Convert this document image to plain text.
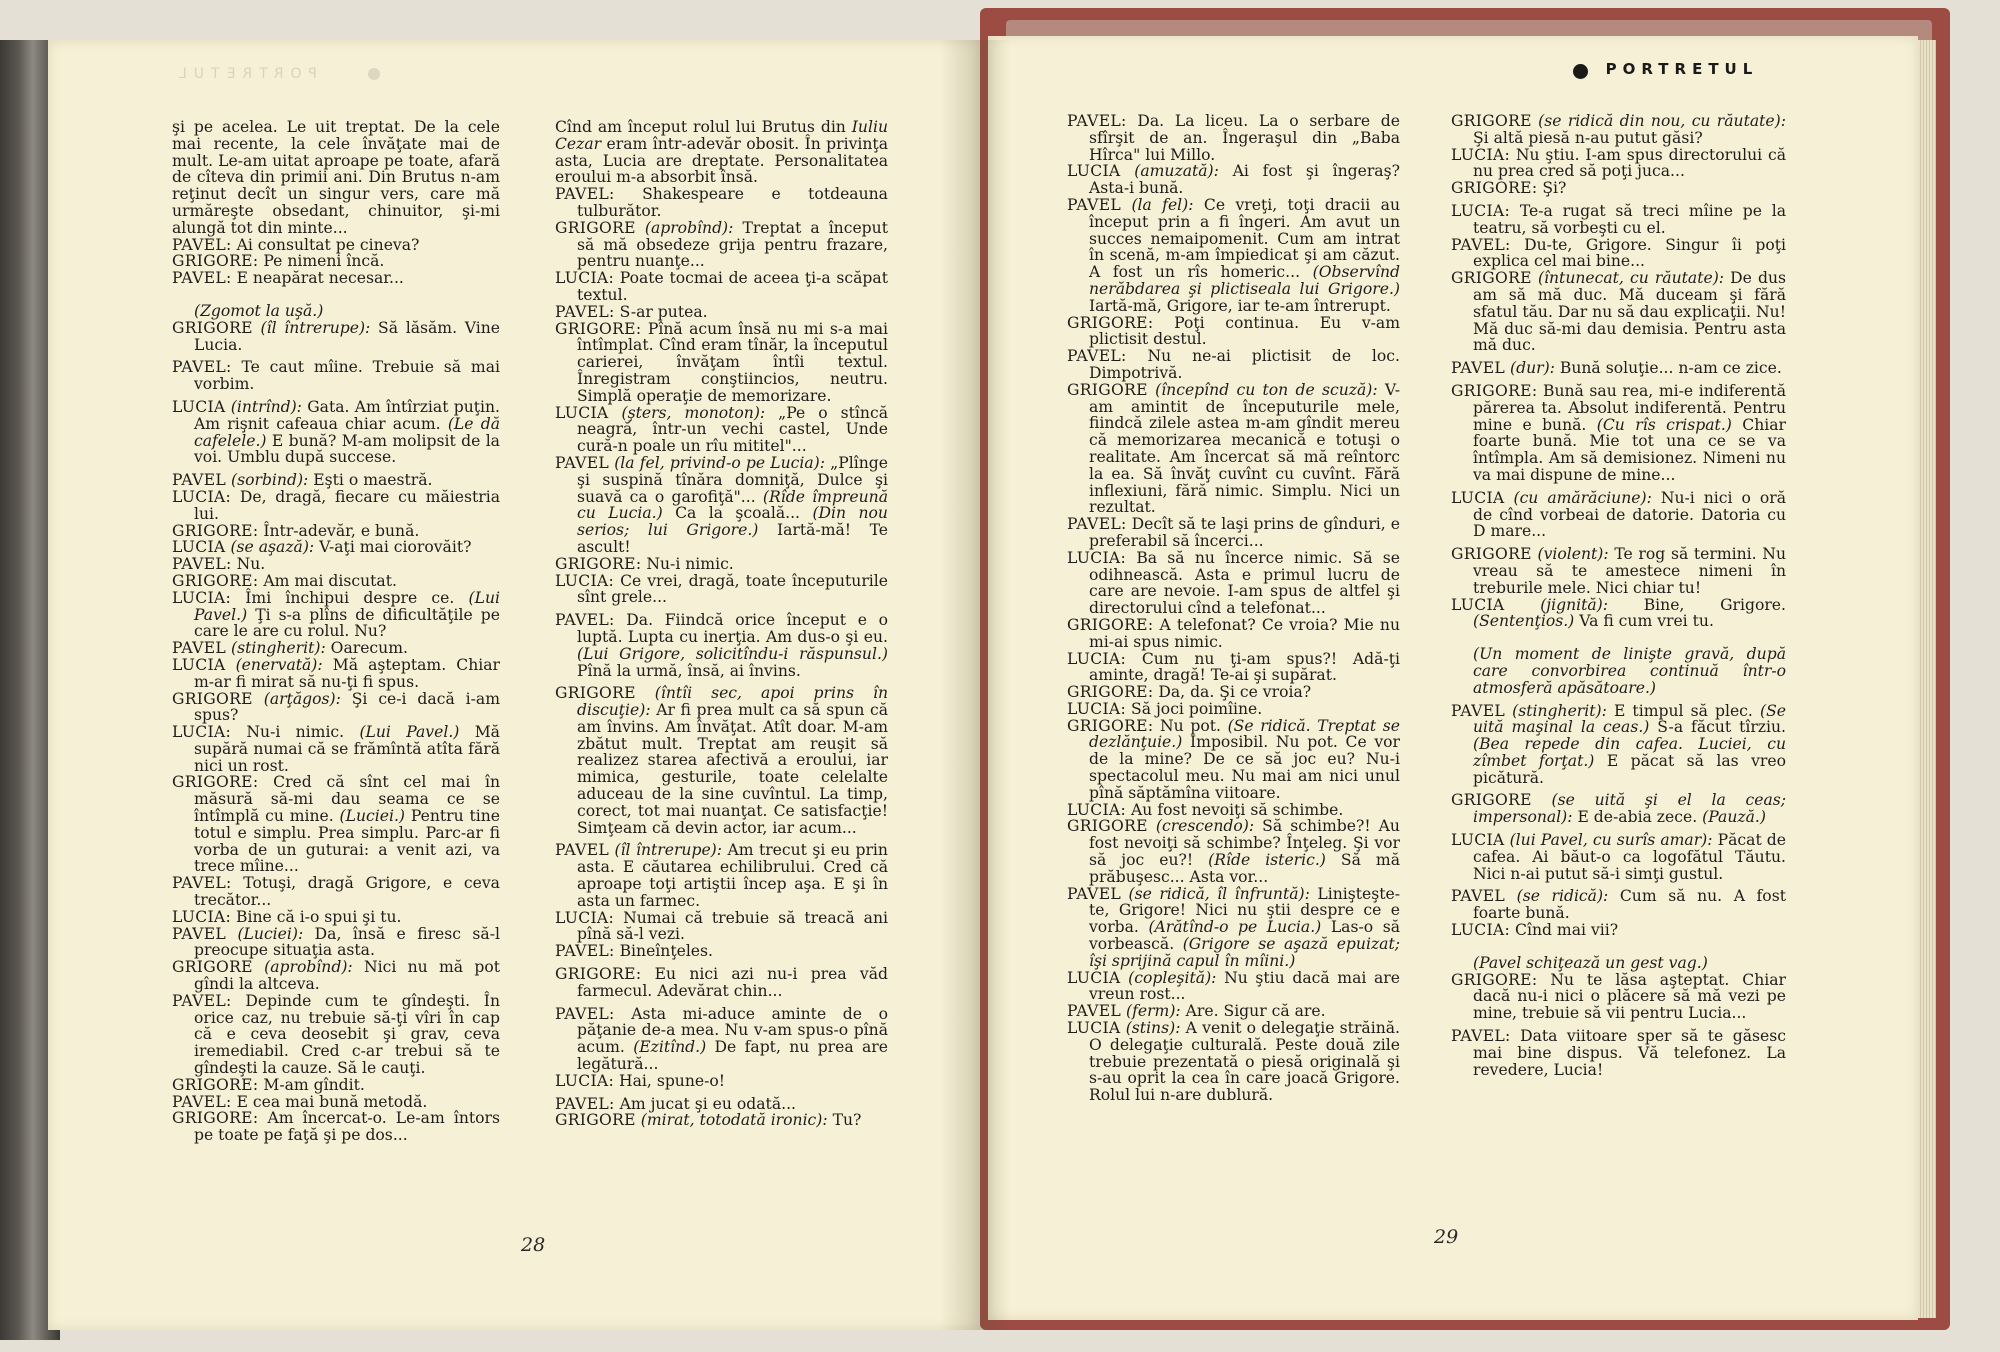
PORTRETUL	PORTRETUL

şi pe acelea. Le uit treptat. De la cele mai recente, la cele învăţate mai de mult. Le-am uitat aproape pe toate, afară de cîteva din primii ani. Din Brutus n-am reţinut decît un singur vers, care mă urmăreşte obsedant, chinuitor, şi-mi alungă tot din minte...

PAVEL: Ai consultat pe cineva?

GRIGORE: Pe nimeni încă.

PAVEL: E neapărat necesar...

(Zgomot la uşă.)

GRIGORE (îl întrerupe): Să lăsăm. Vine Lucia.

PAVEL: Te caut mîine. Trebuie să mai vorbim.

LUCIA (intrînd): Gata. Am întîrziat puţin. Am rişnit cafeaua chiar acum. (Le dă cafelele.) E bună? M-am molipsit de la voi. Umblu după succese.

PAVEL (sorbind): Eşti o maestră.

LUCIA: De, dragă, fiecare cu măiestria lui.

GRIGORE: Într-adevăr, e bună.

LUCIA (se aşază): V-aţi mai ciorovăit?

PAVEL: Nu.

GRIGORE: Am mai discutat.

LUCIA: Îmi închipui despre ce. (Lui Pavel.) Ţi s-a plîns de dificultăţile pe care le are cu rolul. Nu?

PAVEL (stingherit): Oarecum.

LUCIA (enervată): Mă aşteptam. Chiar m-ar fi mirat să nu-ţi fi spus.

GRIGORE (arţăgos): Şi ce-i dacă i-am spus?

LUCIA: Nu-i nimic. (Lui Pavel.) Mă supără numai că se frămîntă atîta fără nici un rost.

GRIGORE: Cred că sînt cel mai în măsură să-mi dau seama ce se întîmplă cu mine. (Luciei.) Pentru tine totul e simplu. Prea simplu. Parc-ar fi vorba de un guturai: a venit azi, va trece mîine...

PAVEL: Totuşi, dragă Grigore, e ceva trecător...

LUCIA: Bine că i-o spui şi tu.

PAVEL (Luciei): Da, însă e firesc să-l preocupe situaţia asta.

GRIGORE (aprobînd): Nici nu mă pot gîndi la altceva.

PAVEL: Depinde cum te gîndeşti. În orice caz, nu trebuie să-ţi vîri în cap că e ceva deosebit şi grav, ceva iremediabil. Cred c-ar trebui să te gîndeşti la cauze. Să le cauţi.

GRIGORE: M-am gîndit.

PAVEL: E cea mai bună metodă.

GRIGORE: Am încercat-o. Le-am întors pe toate pe faţă şi pe dos...

Cînd am început rolul lui Brutus din Iuliu Cezar eram într-adevăr obosit. În privinţa asta, Lucia are dreptate. Personalitatea eroului m-a absorbit însă.

PAVEL: Shakespeare e totdeauna tulburător.

GRIGORE (aprobînd): Treptat a început să mă obsedeze grija pentru frazare, pentru nuanţe...

LUCIA: Poate tocmai de aceea ţi-a scăpat textul.

PAVEL: S-ar putea.

GRIGORE: Pînă acum însă nu mi s-a mai întîmplat. Cînd eram tînăr, la începutul carierei, învăţam întîi textul. Înregistram conştiincios, neutru. Simplă operaţie de memorizare.

LUCIA (şters, monoton): „Pe o stîncă neagră, într-un vechi castel, Unde cură-n poale un rîu mititel"...

PAVEL (la fel, privind-o pe Lucia): „Plînge şi suspină tînăra domniţă, Dulce şi suavă ca o garofiţă"... (Rîde împreună cu Lucia.) Ca la şcoală... (Din nou serios; lui Grigore.) Iartă-mă! Te ascult!

GRIGORE: Nu-i nimic.

LUCIA: Ce vrei, dragă, toate începuturile sînt grele...

PAVEL: Da. Fiindcă orice început e o luptă. Lupta cu inerţia. Am dus-o şi eu. (Lui Grigore, solicitîndu-i răspunsul.) Pînă la urmă, însă, ai învins.

GRIGORE (întîi sec, apoi prins în discuţie): Ar fi prea mult ca să spun că am învins. Am învăţat. Atît doar. M-am zbătut mult. Treptat am reuşit să realizez starea afectivă a eroului, iar mimica, gesturile, toate celelalte aduceau de la sine cuvîntul. La timp, corect, tot mai nuanţat. Ce satisfacţie! Simţeam că devin actor, iar acum...

PAVEL (îl întrerupe): Am trecut şi eu prin asta. E căutarea echilibrului. Cred că aproape toţi artiştii încep aşa. E şi în asta un farmec.

LUCIA: Numai că trebuie să treacă ani pînă să-l vezi.

PAVEL: Bineînţeles.

GRIGORE: Eu nici azi nu-i prea văd farmecul. Adevărat chin...

PAVEL: Asta mi-aduce aminte de o păţanie de-a mea. Nu v-am spus-o pînă acum. (Ezitînd.) De fapt, nu prea are legătură...

LUCIA: Hai, spune-o!

PAVEL: Am jucat şi eu odată...

GRIGORE (mirat, totodată ironic): Tu?

PAVEL: Da. La liceu. La o serbare de sfîrşit de an. Îngeraşul din „Baba Hîrca" lui Millo.

LUCIA (amuzată): Ai fost şi îngeraş? Asta-i bună.

PAVEL (la fel): Ce vreţi, toţi dracii au început prin a fi îngeri. Am avut un succes nemaipomenit. Cum am intrat în scenă, m-am împiedicat şi am căzut. A fost un rîs homeric... (Observînd nerăbdarea şi plictiseala lui Grigore.) Iartă-mă, Grigore, iar te-am întrerupt.

GRIGORE: Poţi continua. Eu v-am plictisit destul.

PAVEL: Nu ne-ai plictisit de loc. Dimpotrivă.

GRIGORE (începînd cu ton de scuză): V-am amintit de începuturile mele, fiindcă zilele astea m-am gîndit mereu că memorizarea mecanică e totuşi o realitate. Am încercat să mă reîntorc la ea. Să învăţ cuvînt cu cuvînt. Fără inflexiuni, fără nimic. Simplu. Nici un rezultat.

PAVEL: Decît să te laşi prins de gînduri, e preferabil să încerci...

LUCIA: Ba să nu încerce nimic. Să se odihnească. Asta e primul lucru de care are nevoie. I-am spus de altfel şi directorului cînd a telefonat...

GRIGORE: A telefonat? Ce vroia? Mie nu mi-ai spus nimic.

LUCIA: Cum nu ţi-am spus?! Adă-ţi aminte, dragă! Te-ai şi supărat.

GRIGORE: Da, da. Şi ce vroia?

LUCIA: Să joci poimîine.

GRIGORE: Nu pot. (Se ridică. Treptat se dezlănţuie.) Imposibil. Nu pot. Ce vor de la mine? De ce să joc eu? Nu-i spectacolul meu. Nu mai am nici unul pînă săptămîna viitoare.

LUCIA: Au fost nevoiţi să schimbe.

GRIGORE (crescendo): Să schimbe?! Au fost nevoiţi să schimbe? Înţeleg. Şi vor să joc eu?! (Rîde isteric.) Să mă prăbuşesc... Asta vor...

PAVEL (se ridică, îl înfruntă): Linişteşte-te, Grigore! Nici nu ştii despre ce e vorba. (Arătînd-o pe Lucia.) Las-o să vorbească. (Grigore se aşază epuizat; îşi sprijină capul în mîini.)

LUCIA (copleşită): Nu ştiu dacă mai are vreun rost...

PAVEL (ferm): Are. Sigur că are.

LUCIA (stins): A venit o delegaţie străină. O delegaţie culturală. Peste două zile trebuie prezentată o piesă originală şi s-au oprit la cea în care joacă Grigore. Rolul lui n-are dublură.

GRIGORE (se ridică din nou, cu răutate): Şi altă piesă n-au putut găsi?

LUCIA: Nu ştiu. I-am spus directorului că nu prea cred să poţi juca...

GRIGORE: Şi?

LUCIA: Te-a rugat să treci mîine pe la teatru, să vorbeşti cu el.

PAVEL: Du-te, Grigore. Singur îi poţi explica cel mai bine...

GRIGORE (întunecat, cu răutate): De dus am să mă duc. Mă duceam şi fără sfatul tău. Dar nu să dau explicaţii. Nu! Mă duc să-mi dau demisia. Pentru asta mă duc.

PAVEL (dur): Bună soluţie... n-am ce zice.

GRIGORE: Bună sau rea, mi-e indiferentă părerea ta. Absolut indiferentă. Pentru mine e bună. (Cu rîs crispat.) Chiar foarte bună. Mie tot una ce se va întîmpla. Am să demisionez. Nimeni nu va mai dispune de mine...

LUCIA (cu amărăciune): Nu-i nici o oră de cînd vorbeai de datorie. Datoria cu D mare...

GRIGORE (violent): Te rog să termini. Nu vreau să te amestece nimeni în treburile mele. Nici chiar tu!

LUCIA (jignită): Bine, Grigore. (Sentenţios.) Va fi cum vrei tu.

(Un moment de linişte gravă, după care convorbirea continuă într-o atmosferă apăsătoare.)

PAVEL (stingherit): E timpul să plec. (Se uită maşinal la ceas.) S-a făcut tîrziu. (Bea repede din cafea. Luciei, cu zîmbet forţat.) E păcat să las vreo picătură.

GRIGORE (se uită şi el la ceas; impersonal): E de-abia zece. (Pauză.)

LUCIA (lui Pavel, cu surîs amar): Păcat de cafea. Ai băut-o ca logofătul Tăutu. Nici n-ai putut să-i simţi gustul.

PAVEL (se ridică): Cum să nu. A fost foarte bună.

LUCIA: Cînd mai vii?

(Pavel schiţează un gest vag.)

GRIGORE: Nu te lăsa aşteptat. Chiar dacă nu-i nici o plăcere să mă vezi pe mine, trebuie să vii pentru Lucia...

PAVEL: Data viitoare sper să te găsesc mai bine dispus. Vă telefonez. La revedere, Lucia!

28	29
